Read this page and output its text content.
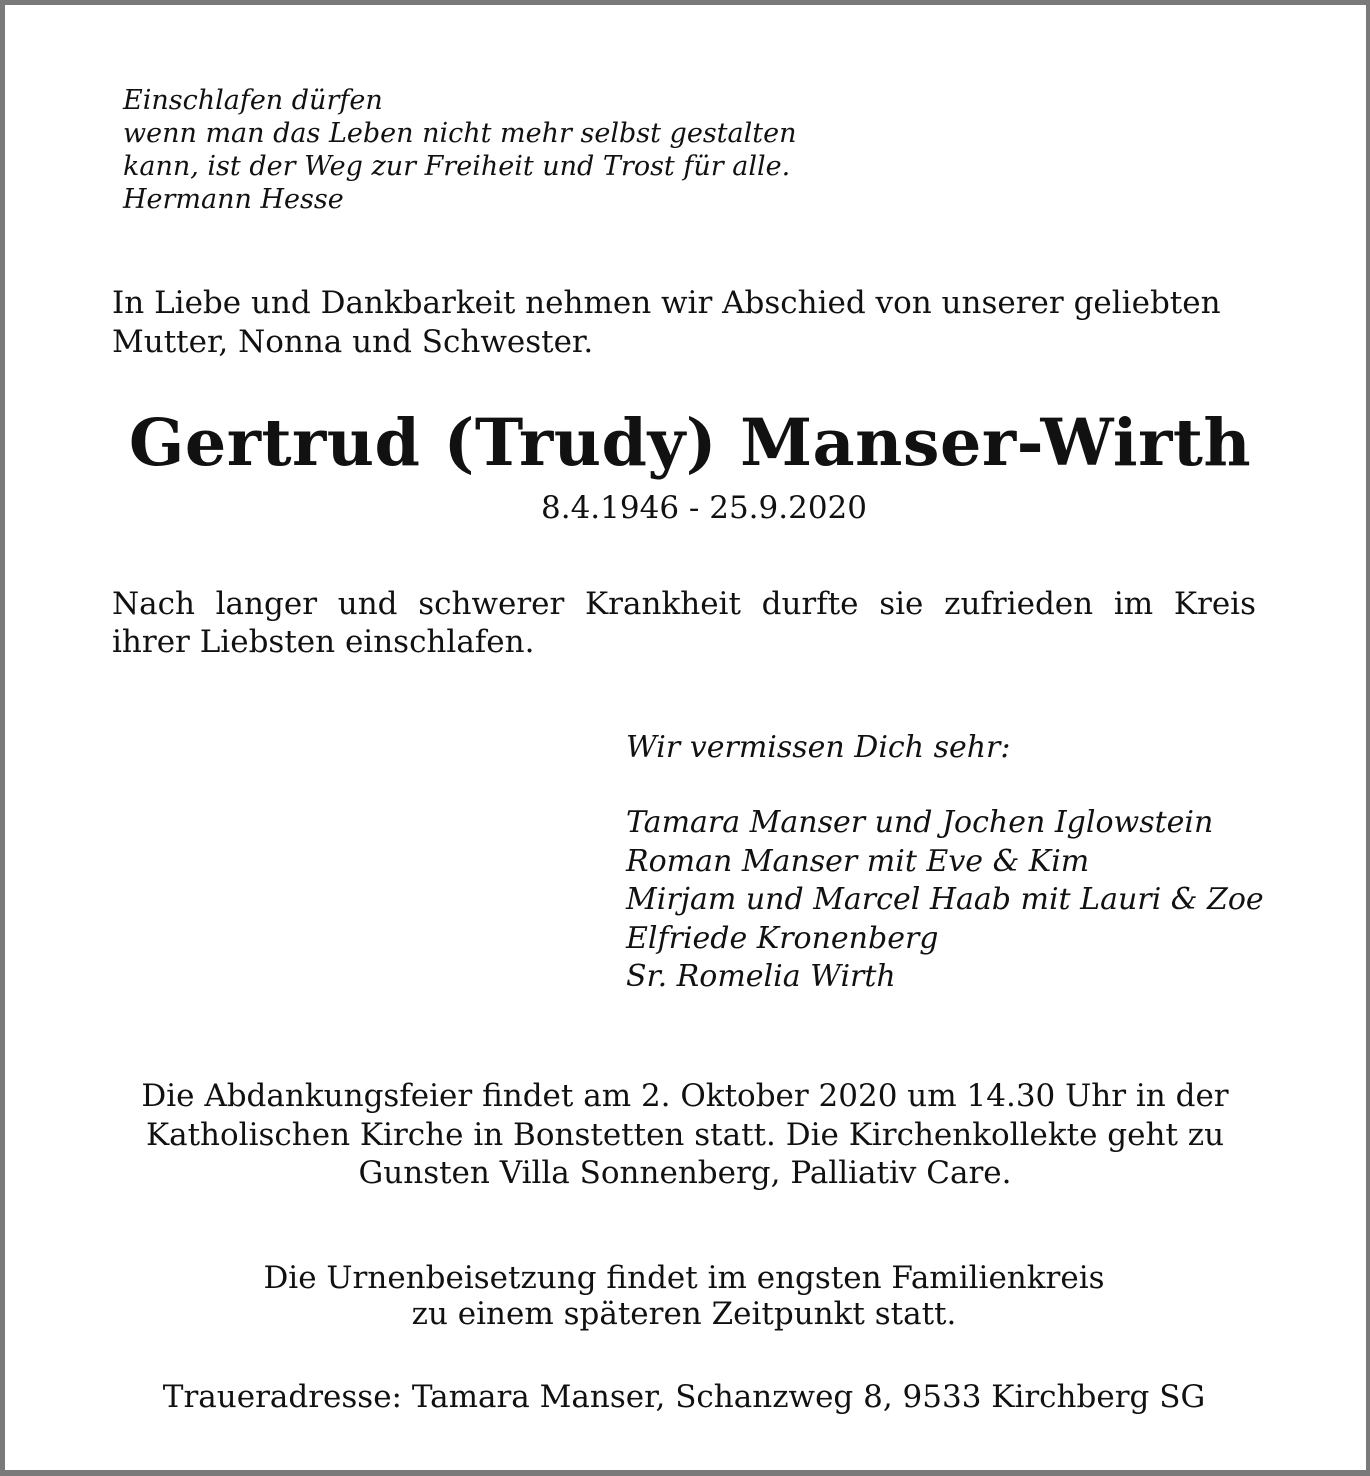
Einschlafen dürfen
wenn man das Leben nicht mehr selbst gestalten
kann, ist der Weg zur Freiheit und Trost für alle.
Hermann Hesse
In Liebe und Dankbarkeit nehmen wir Abschied von unserer geliebten
Mutter, Nonna und Schwester.
Gertrud (Trudy) Manser-Wirth
8.4.1946 - 25.9.2020
Nach langer und schwerer Krankheit durfte sie zufrieden im Kreis
ihrer Liebsten einschlafen.
Wir vermissen Dich sehr:
Tamara Manser und Jochen Iglowstein
Roman Manser mit Eve & Kim
Mirjam und Marcel Haab mit Lauri & Zoe
Elfriede Kronenberg
Sr. Romelia Wirth
Die Abdankungsfeier findet am 2. Oktober 2020 um 14.30 Uhr in der
Katholischen Kirche in Bonstetten statt. Die Kirchenkollekte geht zu
Gunsten Villa Sonnenberg, Palliativ Care.
Die Urnenbeisetzung findet im engsten Familienkreis
zu einem späteren Zeitpunkt statt.
Traueradresse: Tamara Manser, Schanzweg 8, 9533 Kirchberg SG
